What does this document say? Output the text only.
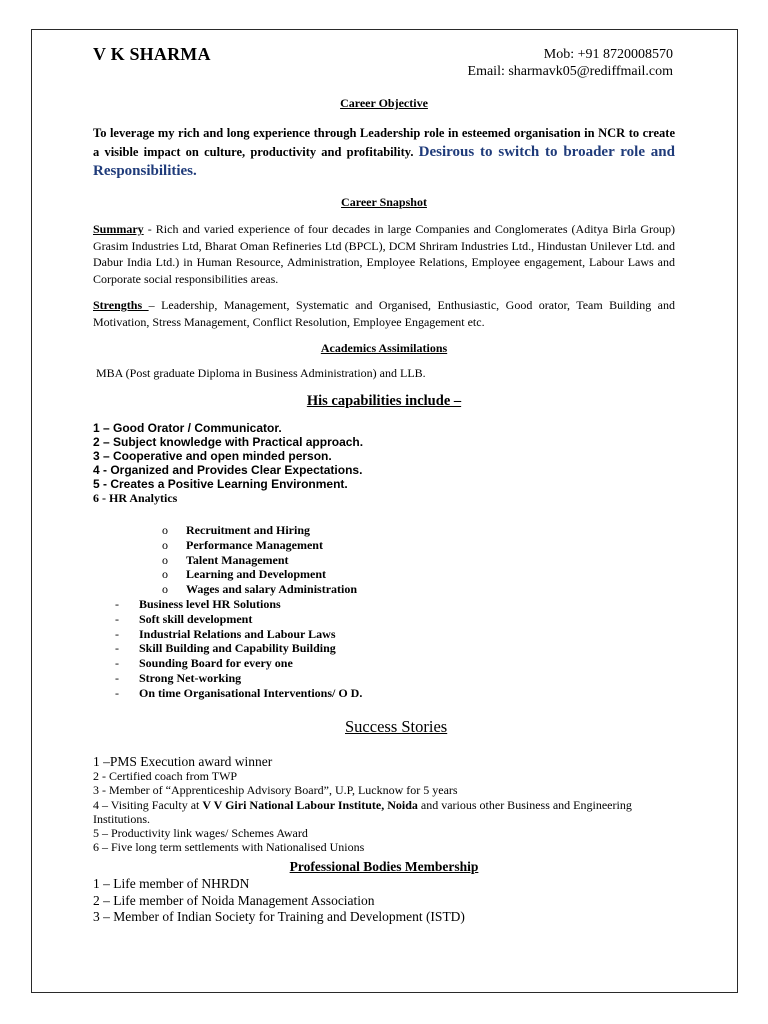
V K SHARMA	Mob: +91 8720008570
Email: sharmavk05@rediffmail.com
Career Objective
To leverage my rich and long experience through Leadership role in esteemed organisation in NCR to create a visible impact on culture, productivity and profitability. Desirous to switch to broader role and Responsibilities.
Career Snapshot
Summary - Rich and varied experience of four decades in large Companies and Conglomerates (Aditya Birla Group) Grasim Industries Ltd, Bharat Oman Refineries Ltd (BPCL), DCM Shriram Industries Ltd., Hindustan Unilever Ltd. and Dabur India Ltd.) in Human Resource, Administration, Employee Relations, Employee engagement, Labour Laws and Corporate social responsibilities areas.
Strengths – Leadership, Management, Systematic and Organised, Enthusiastic, Good orator, Team Building and Motivation, Stress Management, Conflict Resolution, Employee Engagement etc.
Academics Assimilations
MBA (Post graduate Diploma in Business Administration) and LLB.
His capabilities include –
1 – Good Orator / Communicator.
2 – Subject knowledge with Practical approach.
3 – Cooperative and open minded person.
4 - Organized and Provides Clear Expectations.
5 - Creates a Positive Learning Environment.
6 - HR Analytics
o Recruitment and Hiring
o Performance Management
o Talent Management
o Learning and Development
o Wages and salary Administration
- Business level HR Solutions
- Soft skill development
- Industrial Relations and Labour Laws
- Skill Building and Capability Building
- Sounding Board for every one
- Strong Net-working
- On time Organisational Interventions/ O D.
Success Stories
1 –PMS Execution award winner
2 - Certified coach from TWP
3 - Member of “Apprenticeship Advisory Board”, U.P, Lucknow for 5 years
4 – Visiting Faculty at V V Giri National Labour Institute, Noida and various other Business and Engineering Institutions.
5 – Productivity link wages/ Schemes Award
6 – Five long term settlements with Nationalised Unions
Professional Bodies Membership
1 – Life member of NHRDN
2 – Life member of Noida Management Association
3 – Member of Indian Society for Training and Development (ISTD)
